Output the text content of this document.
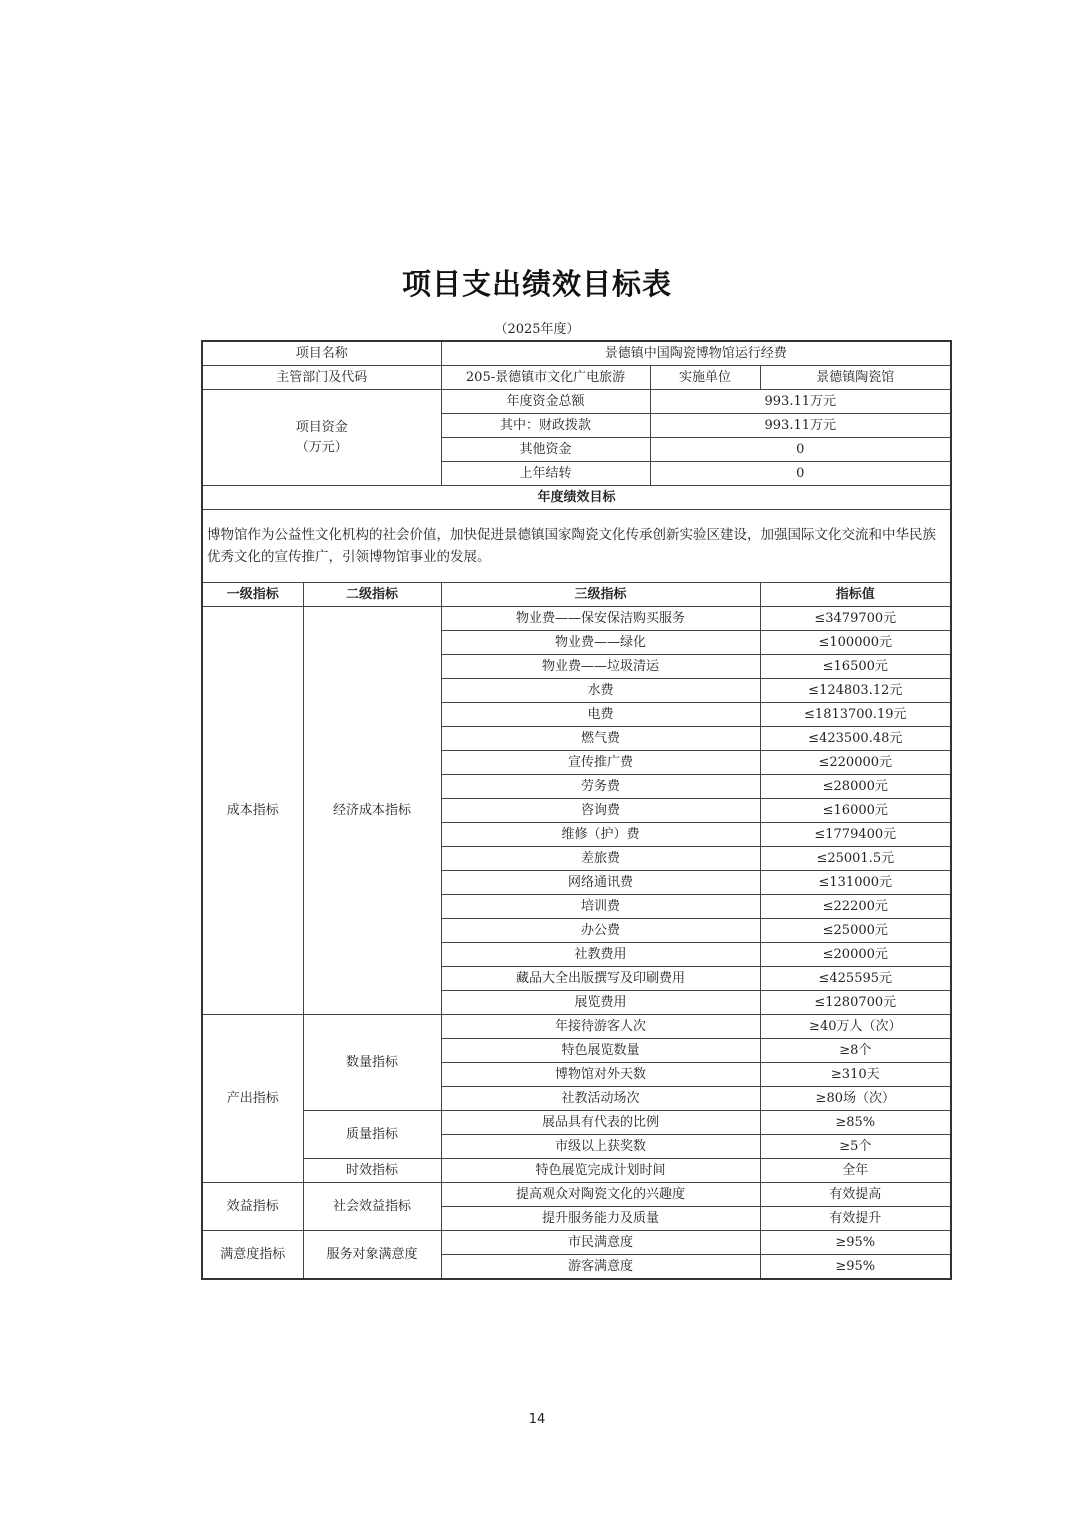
项目支出绩效目标表
（2025年度）
项目名称		景德镇中国陶瓷博物馆运行经费		
主管部门及代码		205-景德镇市文化广电旅游	实施单位	景德镇陶瓷馆

项目资金
（万元）		年度资金总额	993.11万元	
		其中：财政拨款	993.11万元	
		其他资金	0	
		上年结转	0	
年度绩效目标				
博物馆作为公益性文化机构的社会价值，加快促进景德镇国家陶瓷文化传承创新实验区建设，加强国际文化交流和中华民族优秀文化的宣传推广，引领博物馆事业的发展。				
一级指标	二级指标	三级指标		指标值
成本指标	经济成本指标	物业费——保安保洁购买服务		≤3479700元
		物业费——绿化		≤100000元
		物业费——垃圾清运		≤16500元
		水费		≤124803.12元
		电费		≤1813700.19元
		燃气费		≤423500.48元
		宣传推广费		≤220000元
		劳务费		≤28000元
		咨询费		≤16000元
		维修（护）费		≤1779400元
		差旅费		≤25001.5元
		网络通讯费		≤131000元
		培训费		≤22200元
		办公费		≤25000元
		社教费用		≤20000元
		藏品大全出版撰写及印刷费用		≤425595元
		展览费用		≤1280700元
产出指标	数量指标	年接待游客人次		≥40万人（次）
		特色展览数量		≥8个
		博物馆对外天数		≥310天
		社教活动场次		≥80场（次）
	质量指标	展品具有代表的比例		≥85%
		市级以上获奖数		≥5个
	时效指标	特色展览完成计划时间		全年
效益指标	社会效益指标	提高观众对陶瓷文化的兴趣度		有效提高
		提升服务能力及质量		有效提升
满意度指标	服务对象满意度	市民满意度		≥95%
		游客满意度		≥95%
14
